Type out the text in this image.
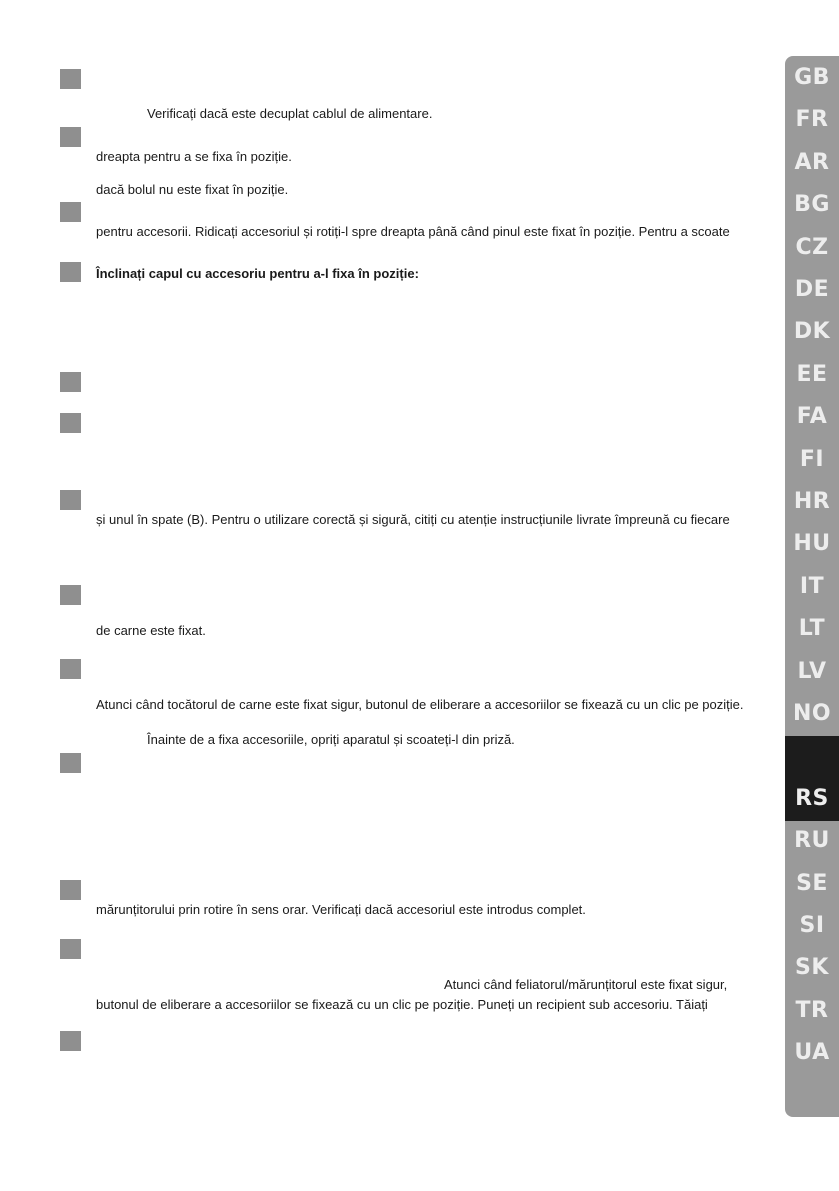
Verificați dacă este decuplat cablul de alimentare.
dreapta pentru a se fixa în poziție.
dacă bolul nu este fixat în poziție.
pentru accesorii. Ridicați accesoriul și rotiți-l spre dreapta până când pinul este fixat în poziție. Pentru a scoate
Înclinați capul cu accesoriu pentru a-l fixa în poziție:
și unul în spate (B). Pentru o utilizare corectă și sigură, citiți cu atenție instrucțiunile livrate împreună cu fiecare
de carne este fixat.
Atunci când tocătorul de carne este fixat sigur, butonul de eliberare a accesoriilor se fixează cu un clic pe poziție.
Înainte de a fixa accesoriile, opriți aparatul și scoateți-l din priză.
mărunțitorului prin rotire în sens orar. Verificați dacă accesoriul este introdus complet.
Atunci când feliatorul/mărunțitorul este fixat sigur,
butonul de eliberare a accesoriilor se fixează cu un clic pe poziție. Puneți un recipient sub accesoriu. Tăiați
GB
FR
AR
BG
CZ
DE
DK
EE
FA
FI
HR
HU
IT
LT
LV
NO
RS
RU
SE
SI
SK
TR
UA
